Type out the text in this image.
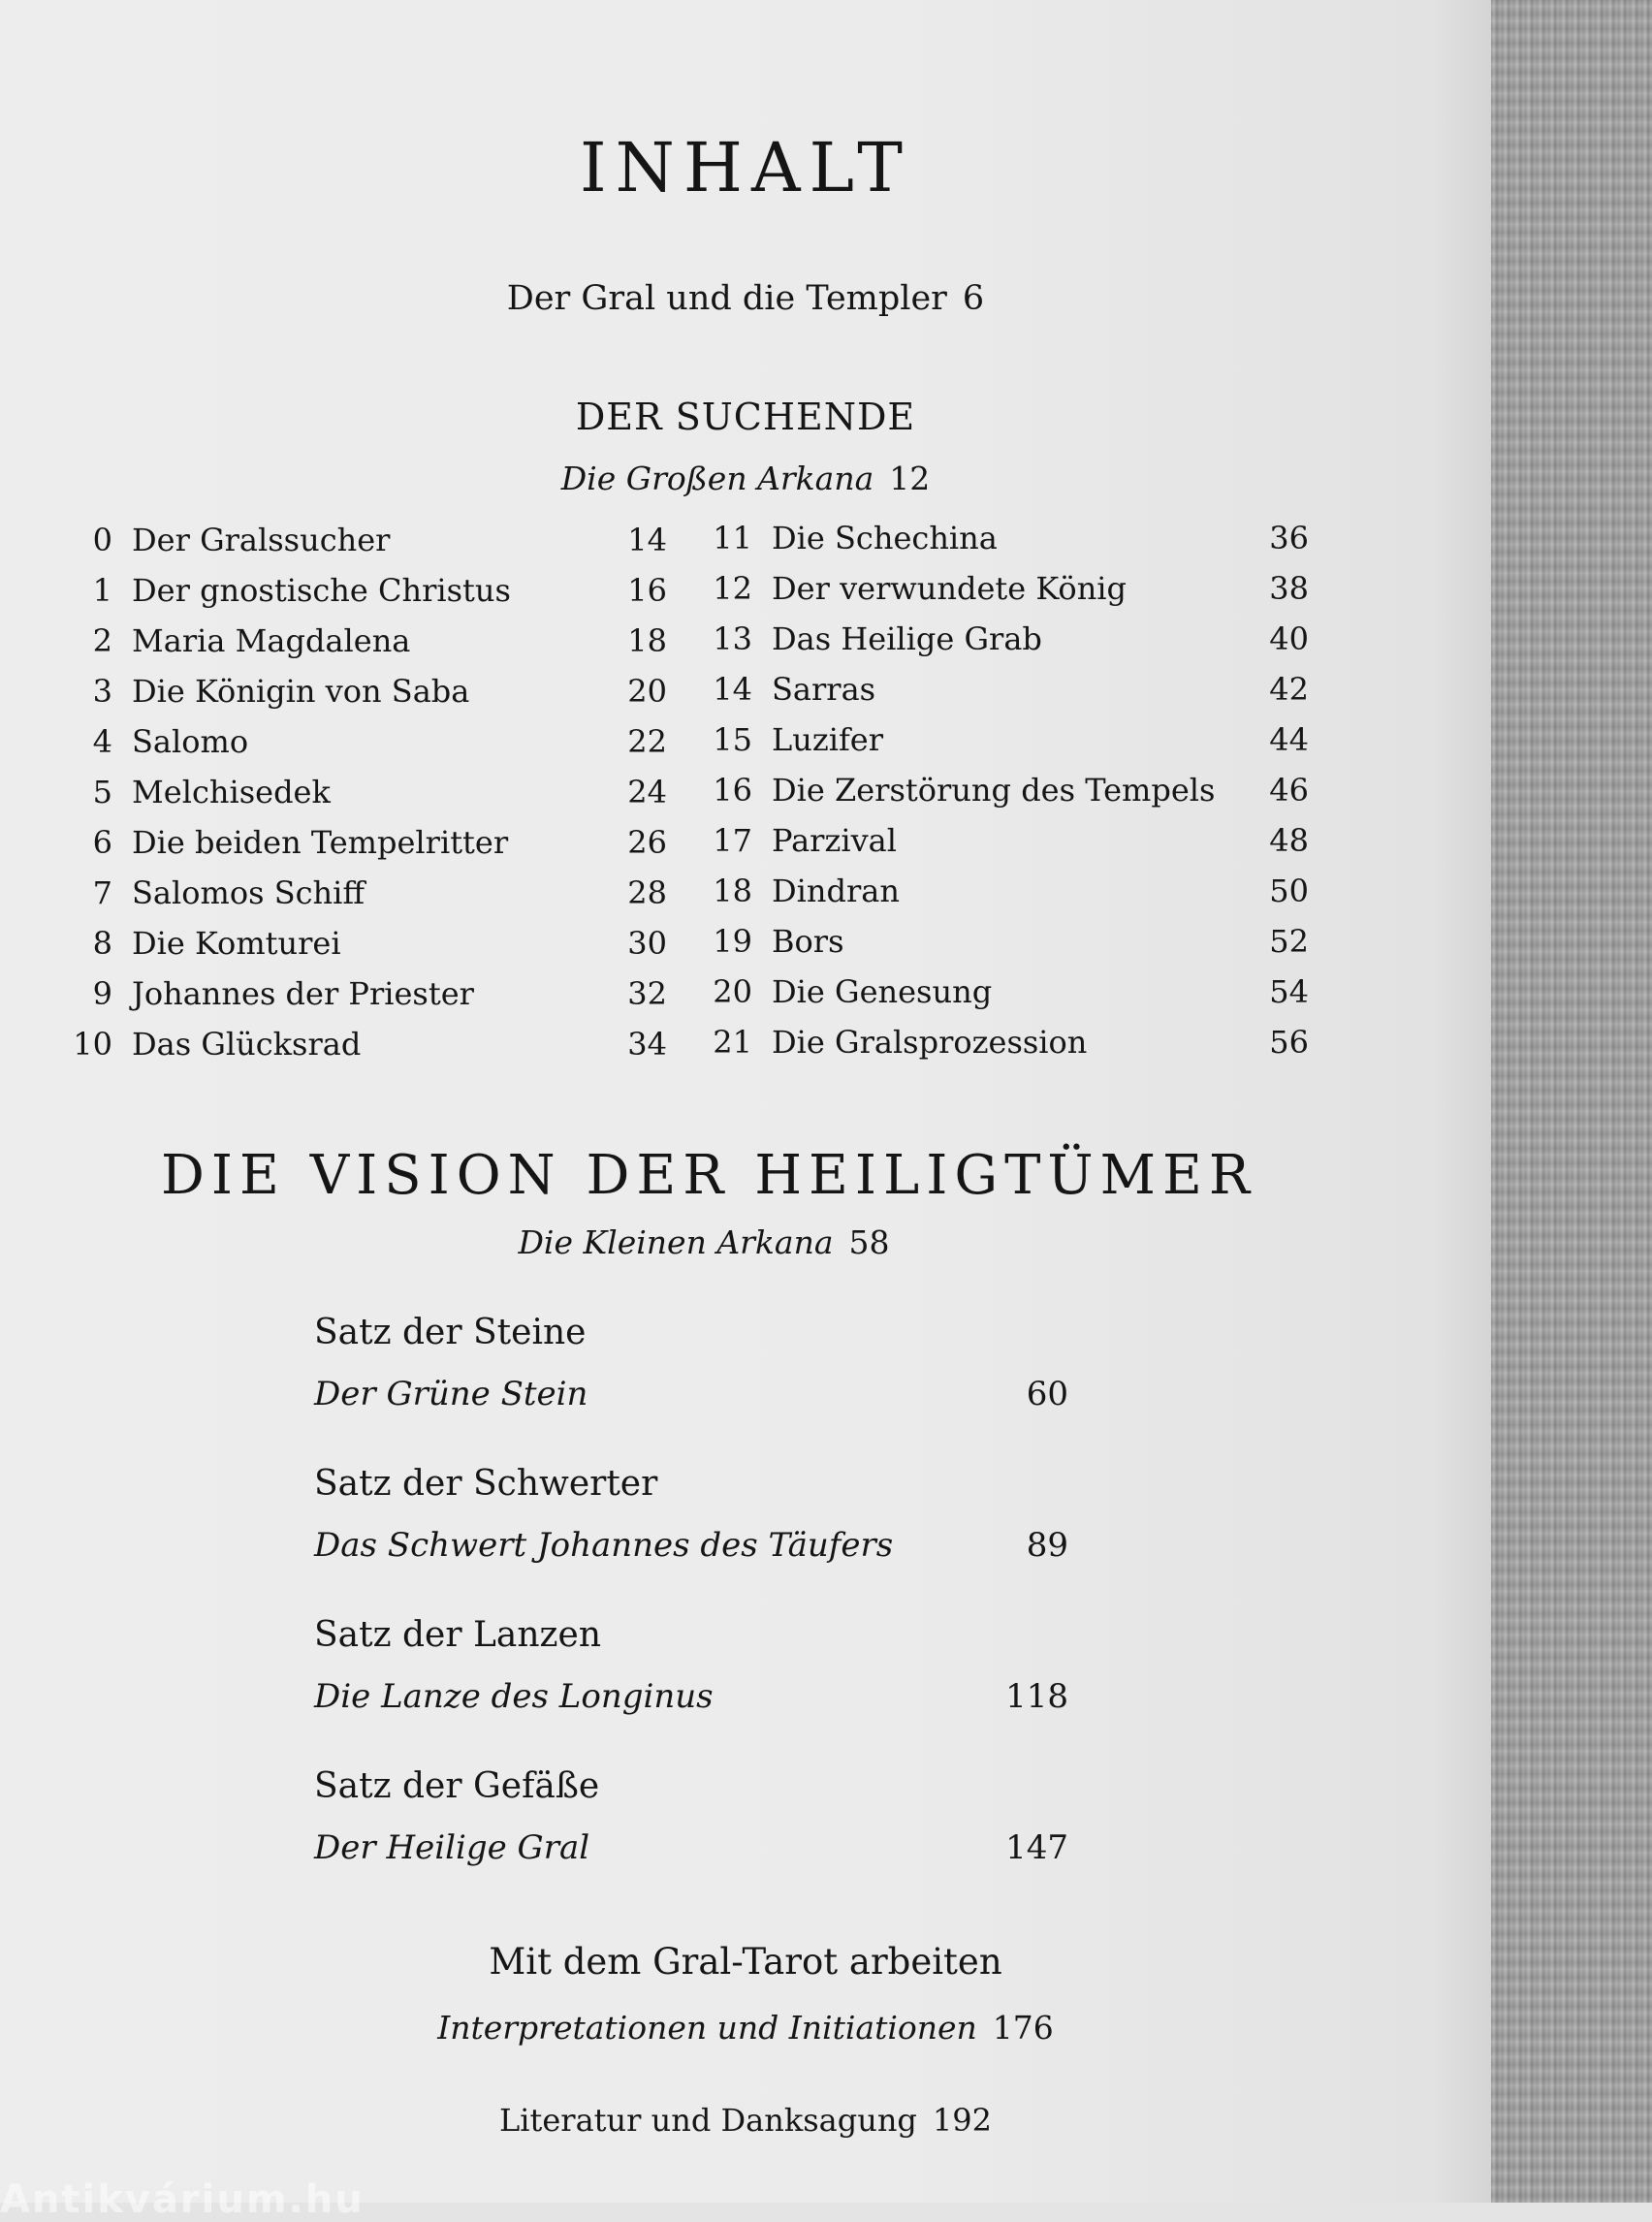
INHALT
Der Gral und die Templer 6
DER SUCHENDE
Die Großen Arkana 12
0 Der Gralssucher	14
1 Der gnostische Christus	16
2 Maria Magdalena	18
3 Die Königin von Saba	20
4 Salomo	22
5 Melchisedek	24
6 Die beiden Tempelritter	26
7 Salomos Schiff	28
8 Die Komturei	30
9 Johannes der Priester	32
10 Das Glücksrad	34
11 Die Schechina	36
12 Der verwundete König	38
13 Das Heilige Grab	40
14 Sarras	42
15 Luzifer	44
16 Die Zerstörung des Tempels	46
17 Parzival	48
18 Dindran	50
19 Bors	52
20 Die Genesung	54
21 Die Gralsprozession	56
DIE VISION DER HEILIGTÜMER
Die Kleinen Arkana 58
Satz der Steine
Der Grüne Stein	60
Satz der Schwerter
Das Schwert Johannes des Täufers	89
Satz der Lanzen
Die Lanze des Longinus	118
Satz der Gefäße
Der Heilige Gral	147
Mit dem Gral-Tarot arbeiten
Interpretationen und Initiationen 176
Literatur und Danksagung 192
Antikvárium.hu
